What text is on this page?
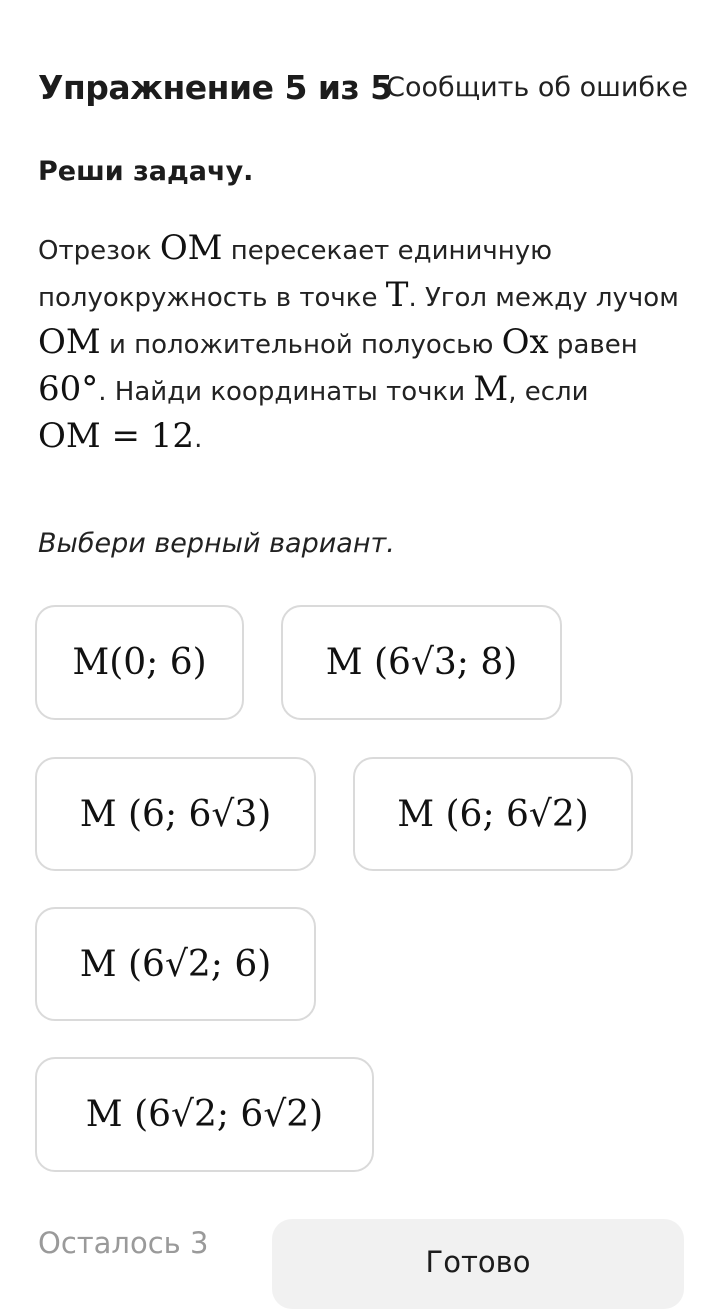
Упражнение 5 из 5
Сообщить об ошибке
Реши задачу.
Отрезок OM пересекает единичную
полуокружность в точке T. Угол между лучом
OM и положительной полуосью Ox равен
60°. Найди координаты точки M, если
OM = 12.
Выбери верный вариант.
M(0; 6)	M (6√3; 8)
M (6; 6√3)	M (6; 6√2)
M (6√2; 6)
M (6√2; 6√2)
Осталось 3
Готово
